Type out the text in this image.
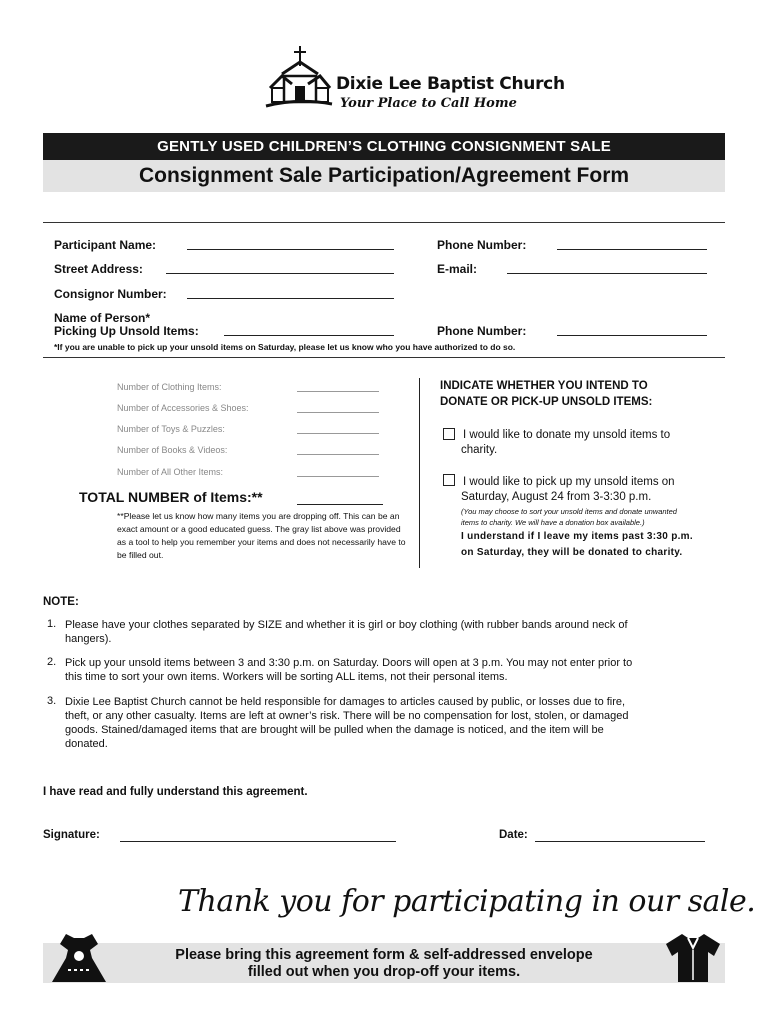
Dixie Lee Baptist Church
Your Place to Call Home
GENTLY USED CHILDREN’S CLOTHING CONSIGNMENT SALE
Consignment Sale Participation/Agreement Form
Participant Name:	Phone Number:
Street Address:	E-mail:
Consignor Number:
Name of Person*
Picking Up Unsold Items:	Phone Number:
*If you are unable to pick up your unsold items on Saturday, please let us know who you have authorized to do so.
Number of Clothing Items:
Number of Accessories & Shoes:
Number of Toys & Puzzles:
Number of Books & Videos:
Number of All Other Items:
TOTAL NUMBER of Items:**
**Please let us know how many items you are dropping off. This can be an exact amount or a good educated guess. The gray list above was provided as a tool to help you remember your items and does not necessarily have to be filled out.
INDICATE WHETHER YOU INTEND TO
DONATE OR PICK-UP UNSOLD ITEMS:
I would like to donate my unsold items to
charity.
I would like to pick up my unsold items on
Saturday, August 24 from 3-3:30 p.m.
(You may choose to sort your unsold items and donate unwanted
items to charity. We will have a donation box available.)
I understand if I leave my items past 3:30 p.m.
on Saturday, they will be donated to charity.
NOTE:
1. Please have your clothes separated by SIZE and whether it is girl or boy clothing (with rubber bands around neck of
hangers).
2. Pick up your unsold items between 3 and 3:30 p.m. on Saturday. Doors will open at 3 p.m. You may not enter prior to
this time to sort your own items. Workers will be sorting ALL items, not their personal items.
3. Dixie Lee Baptist Church cannot be held responsible for damages to articles caused by public, or losses due to fire,
theft, or any other casualty. Items are left at owner’s risk. There will be no compensation for lost, stolen, or damaged
goods. Stained/damaged items that are brought will be pulled when the damage is noticed, and the item will be
donated.
I have read and fully understand this agreement.
Signature:	Date:
Thank you for participating in our sale.
Please bring this agreement form & self-addressed envelope
filled out when you drop-off your items.
